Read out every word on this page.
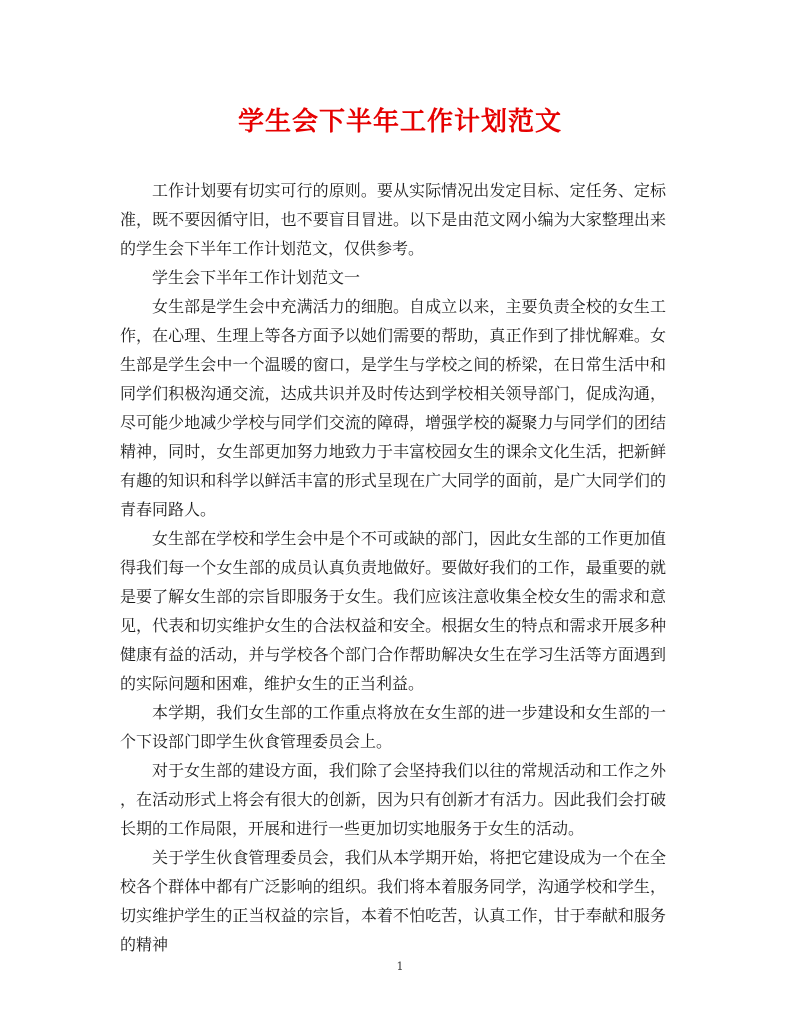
学生会下半年工作计划范文

工作计划要有切实可行的原则。要从实际情况出发定目标、定任务、定标准，既不要因循守旧，也不要盲目冒进。以下是由范文网小编为大家整理出来的学生会下半年工作计划范文，仅供参考。

学生会下半年工作计划范文一

女生部是学生会中充满活力的细胞。自成立以来，主要负责全校的女生工作，在心理、生理上等各方面予以她们需要的帮助，真正作到了排忧解难。女生部是学生会中一个温暖的窗口，是学生与学校之间的桥梁，在日常生活中和同学们积极沟通交流，达成共识并及时传达到学校相关领导部门，促成沟通，尽可能少地减少学校与同学们交流的障碍，增强学校的凝聚力与同学们的团结精神，同时，女生部更加努力地致力于丰富校园女生的课余文化生活，把新鲜有趣的知识和科学以鲜活丰富的形式呈现在广大同学的面前，是广大同学们的青春同路人。

女生部在学校和学生会中是个不可或缺的部门，因此女生部的工作更加值得我们每一个女生部的成员认真负责地做好。要做好我们的工作，最重要的就是要了解女生部的宗旨即服务于女生。我们应该注意收集全校女生的需求和意见，代表和切实维护女生的合法权益和安全。根据女生的特点和需求开展多种健康有益的活动，并与学校各个部门合作帮助解决女生在学习生活等方面遇到的实际问题和困难，维护女生的正当利益。

本学期，我们女生部的工作重点将放在女生部的进一步建设和女生部的一个下设部门即学生伙食管理委员会上。

对于女生部的建设方面，我们除了会坚持我们以往的常规活动和工作之外，在活动形式上将会有很大的创新，因为只有创新才有活力。因此我们会打破长期的工作局限，开展和进行一些更加切实地服务于女生的活动。

关于学生伙食管理委员会，我们从本学期开始，将把它建设成为一个在全校各个群体中都有广泛影响的组织。我们将本着服务同学，沟通学校和学生，切实维护学生的正当权益的宗旨，本着不怕吃苦，认真工作，甘于奉献和服务的精神

1
